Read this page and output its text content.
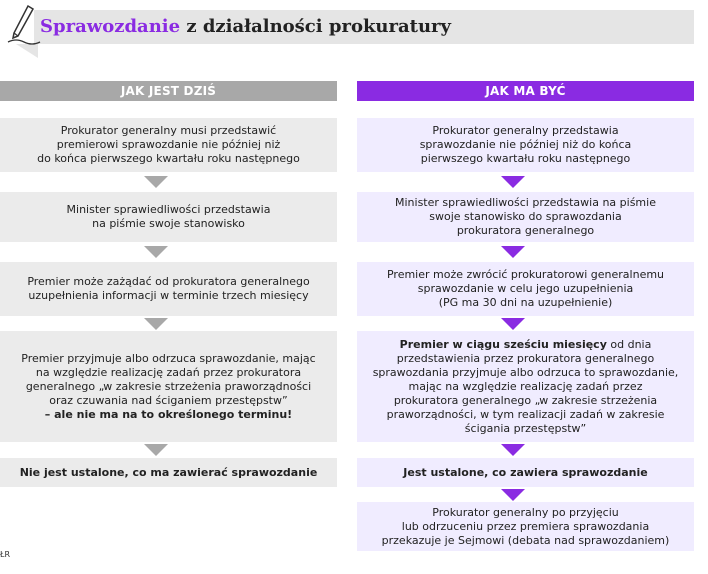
Sprawozdanie z działalności prokuratury
JAK JEST DZIŚ	JAK MA BYĆ
Prokurator generalny musi przedstawić
premierowi sprawozdanie nie później niż
do końca pierwszego kwartału roku następnego
Minister sprawiedliwości przedstawia
na piśmie swoje stanowisko
Premier może zażądać od prokuratora generalnego
uzupełnienia informacji w terminie trzech miesięcy
Premier przyjmuje albo odrzuca sprawozdanie, mając
na względzie realizację zadań przez prokuratora
generalnego „w zakresie strzeżenia praworządności
oraz czuwania nad ściganiem przestępstw”
– ale nie ma na to określonego terminu!
Nie jest ustalone, co ma zawierać sprawozdanie
Prokurator generalny przedstawia
sprawozdanie nie później niż do końca
pierwszego kwartału roku następnego
Minister sprawiedliwości przedstawia na piśmie
swoje stanowisko do sprawozdania
prokuratora generalnego
Premier może zwrócić prokuratorowi generalnemu
sprawozdanie w celu jego uzupełnienia
(PG ma 30 dni na uzupełnienie)
Premier w ciągu sześciu miesięcy od dnia
przedstawienia przez prokuratora generalnego
sprawozdania przyjmuje albo odrzuca to sprawozdanie,
mając na względzie realizację zadań przez
prokuratora generalnego „w zakresie strzeżenia
praworządności, w tym realizacji zadań w zakresie
ścigania przestępstw”
Jest ustalone, co zawiera sprawozdanie
Prokurator generalny po przyjęciu
lub odrzuceniu przez premiera sprawozdania
przekazuje je Sejmowi (debata nad sprawozdaniem)
ŁR
